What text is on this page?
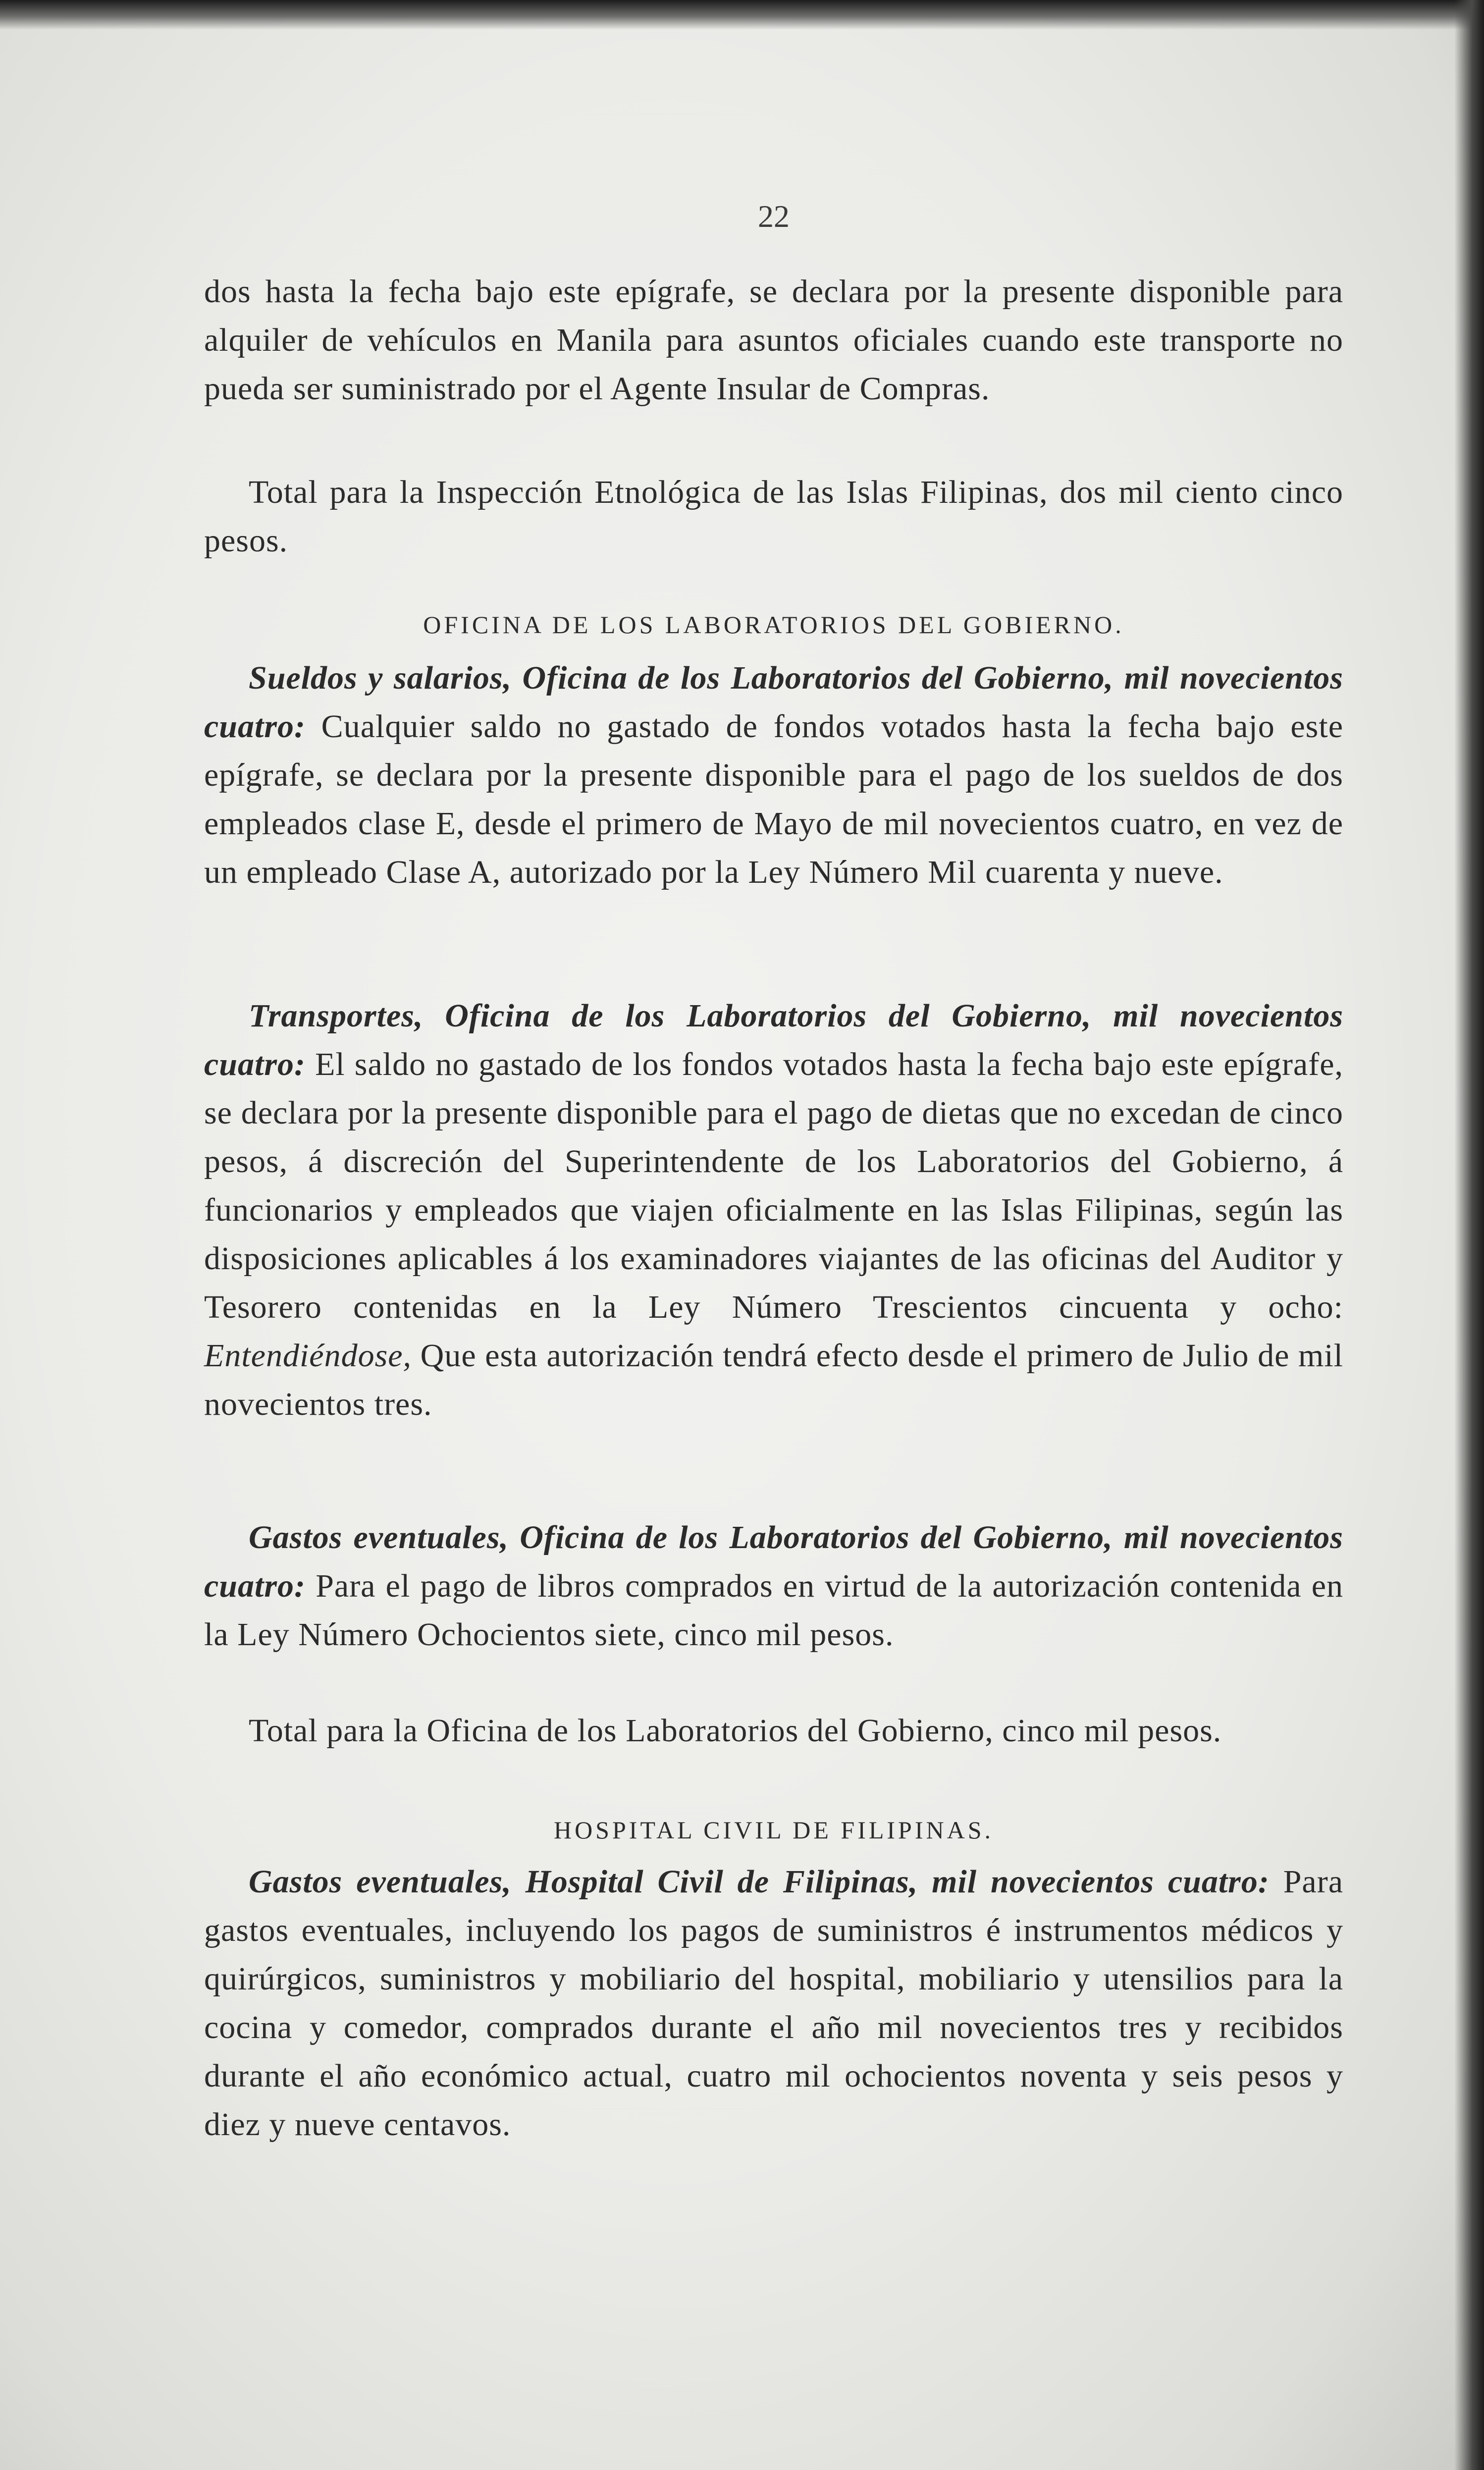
22
dos hasta la fecha bajo este epígrafe, se declara por la presente disponible para alquiler de vehículos en Manila para asuntos oficiales cuando este transporte no pueda ser suministrado por el Agente Insular de Compras.
Total para la Inspección Etnológica de las Islas Filipinas, dos mil ciento cinco pesos.
OFICINA DE LOS LABORATORIOS DEL GOBIERNO.
Sueldos y salarios, Oficina de los Laboratorios del Gobierno, mil novecientos cuatro: Cualquier saldo no gastado de fondos votados hasta la fecha bajo este epígrafe, se declara por la presente disponible para el pago de los sueldos de dos empleados clase E, desde el primero de Mayo de mil novecientos cuatro, en vez de un empleado Clase A, autorizado por la Ley Número Mil cuarenta y nueve.
Transportes, Oficina de los Laboratorios del Gobierno, mil novecientos cuatro: El saldo no gastado de los fondos votados hasta la fecha bajo este epígrafe, se declara por la presente disponible para el pago de dietas que no excedan de cinco pesos, á discreción del Superintendente de los Laboratorios del Gobierno, á funcionarios y empleados que viajen oficialmente en las Islas Filipinas, según las disposiciones aplicables á los examinadores viajantes de las oficinas del Auditor y Tesorero contenidas en la Ley Número Trescientos cincuenta y ocho: Entendiéndose, Que esta autorización tendrá efecto desde el primero de Julio de mil novecientos tres.
Gastos eventuales, Oficina de los Laboratorios del Gobierno, mil novecientos cuatro: Para el pago de libros comprados en virtud de la autorización contenida en la Ley Número Ochocientos siete, cinco mil pesos.
Total para la Oficina de los Laboratorios del Gobierno, cinco mil pesos.
HOSPITAL CIVIL DE FILIPINAS.
Gastos eventuales, Hospital Civil de Filipinas, mil novecientos cuatro: Para gastos eventuales, incluyendo los pagos de suministros é instrumentos médicos y quirúrgicos, suministros y mobiliario del hospital, mobiliario y utensilios para la cocina y comedor, comprados durante el año mil novecientos tres y recibidos durante el año económico actual, cuatro mil ochocientos noventa y seis pesos y diez y nueve centavos.
